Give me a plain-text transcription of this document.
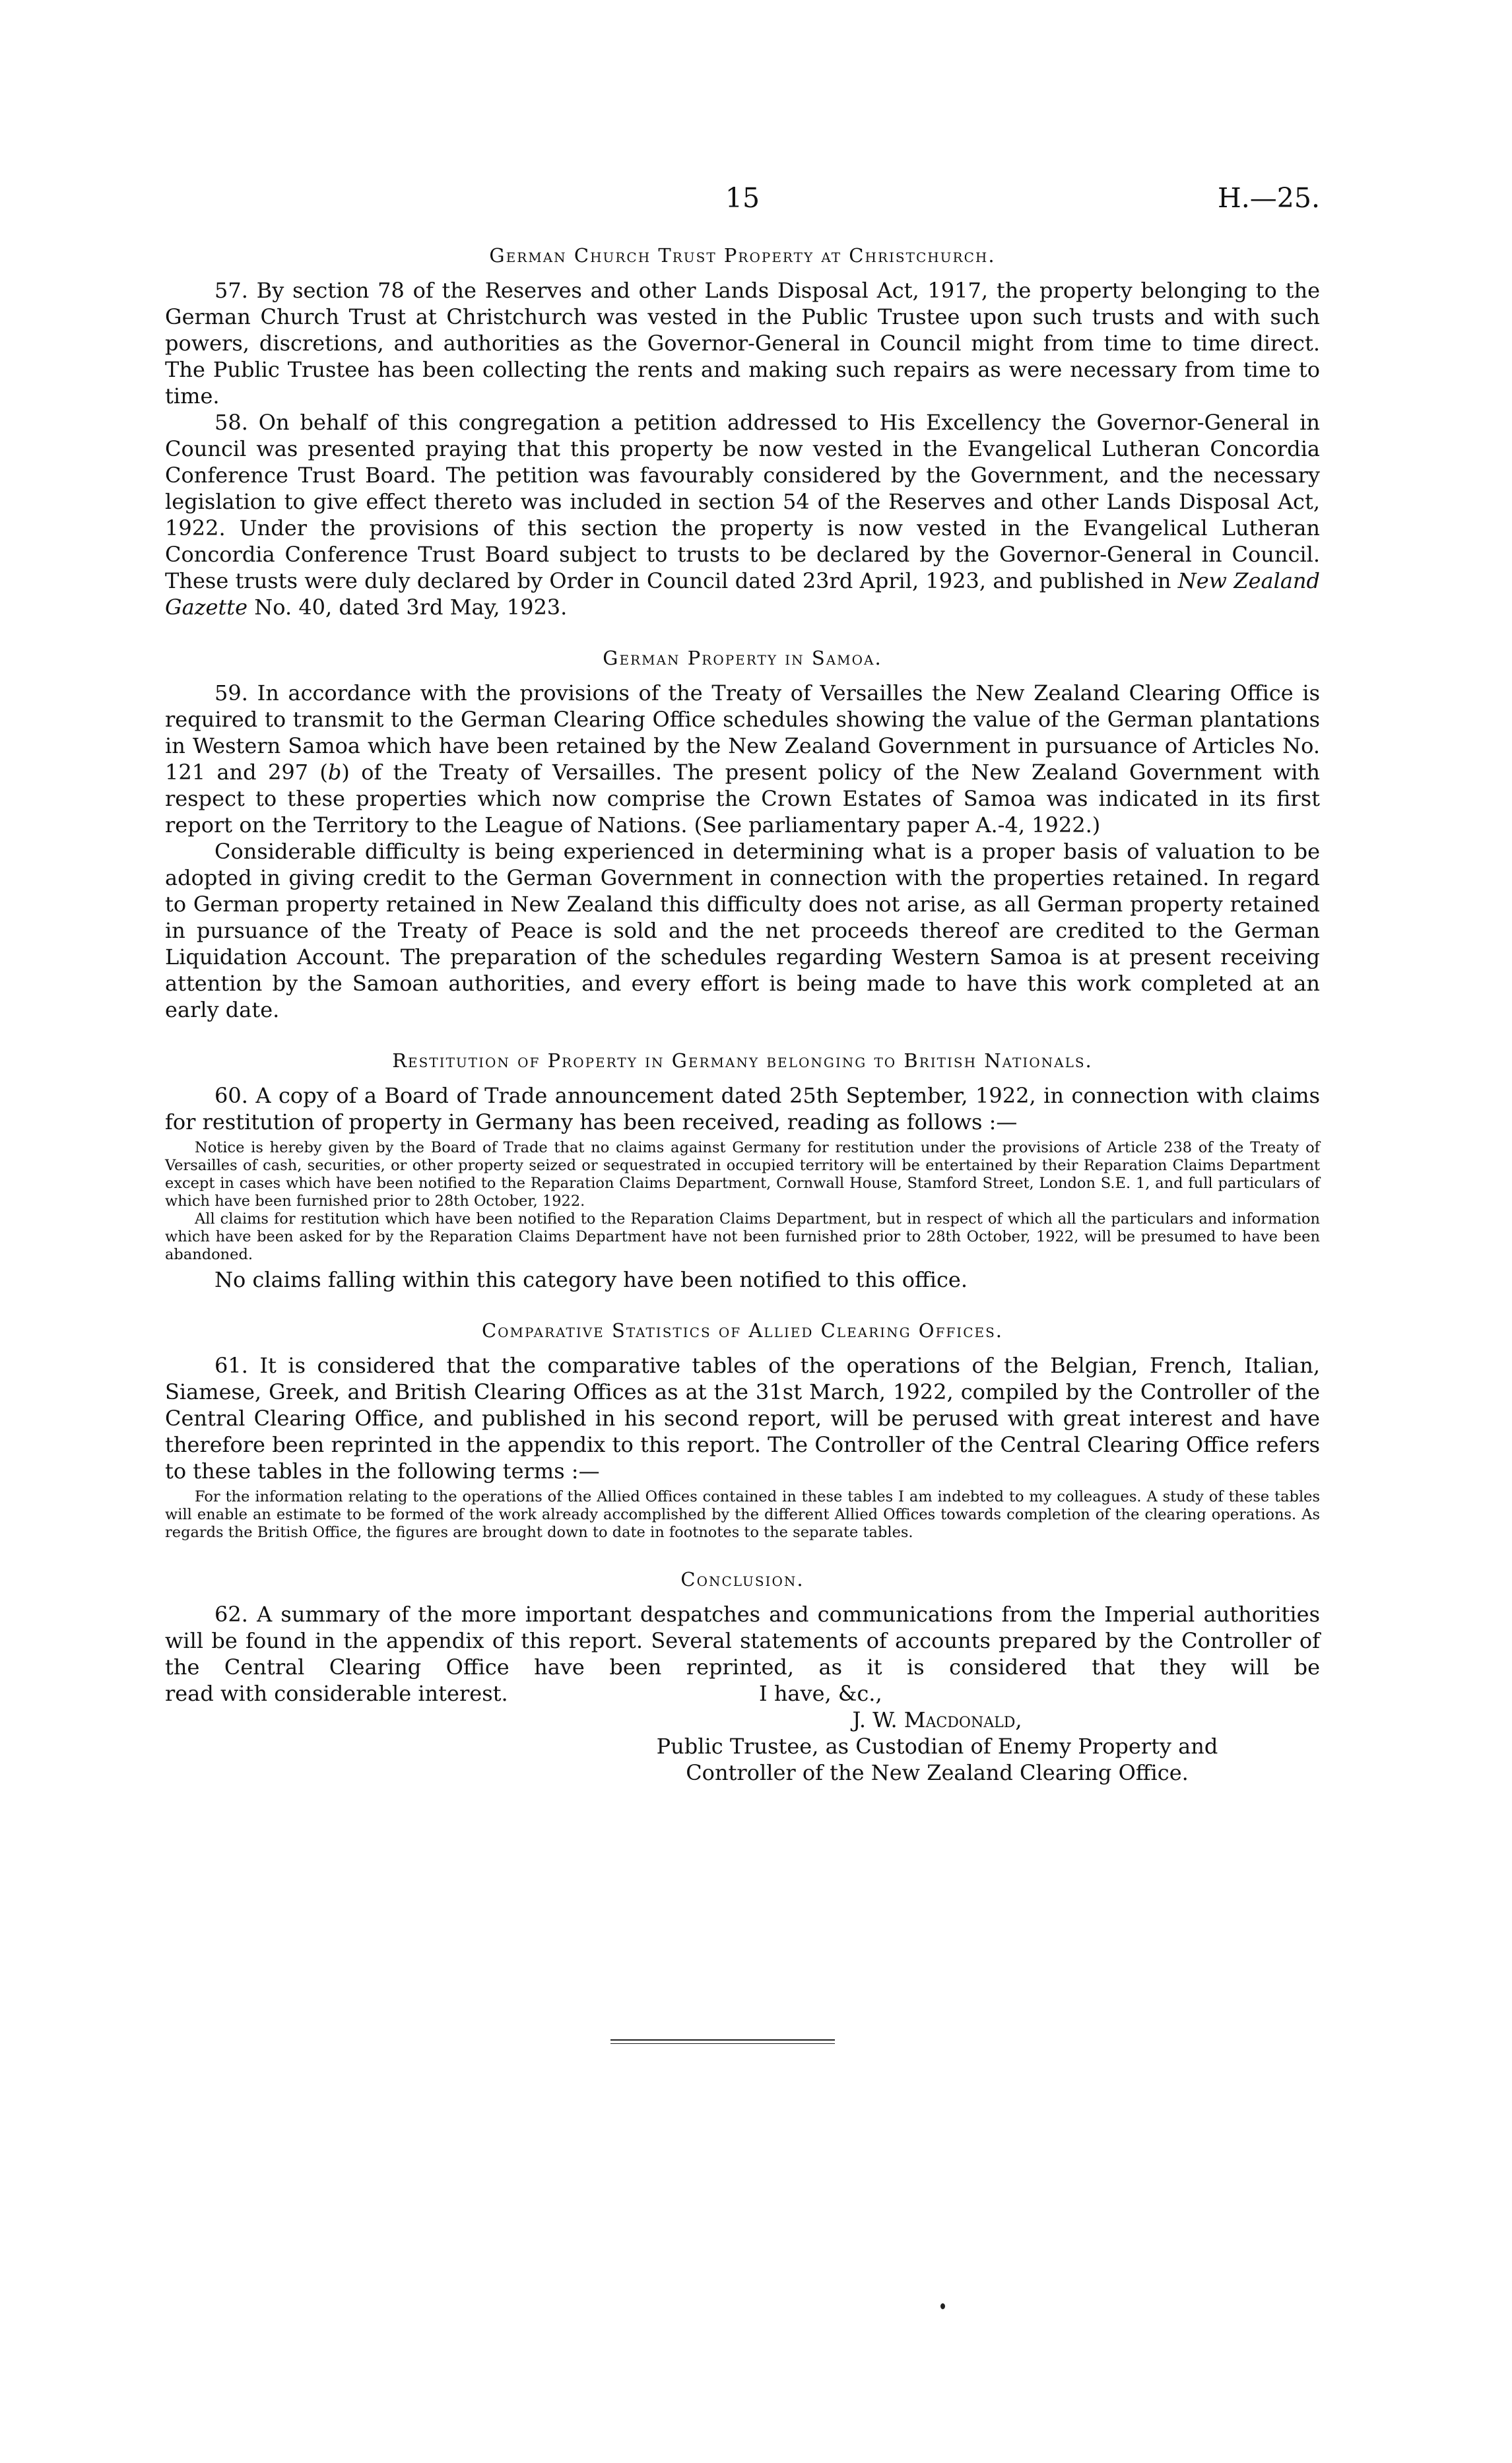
15	H.—25.
German Church Trust Property at Christchurch.

57. By section 78 of the Reserves and other Lands Disposal Act, 1917, the property belonging to the German Church Trust at Christchurch was vested in the Public Trustee upon such trusts and with such powers, discretions, and authorities as the Governor-General in Council might from time to time direct. The Public Trustee has been collecting the rents and making such repairs as were necessary from time to time.

58. On behalf of this congregation a petition addressed to His Excellency the Governor-General in Council was presented praying that this property be now vested in the Evangelical Lutheran Concordia Conference Trust Board. The petition was favourably considered by the Government, and the necessary legislation to give effect thereto was included in section 54 of the Reserves and other Lands Disposal Act, 1922. Under the provisions of this section the property is now vested in the Evangelical Lutheran Concordia Conference Trust Board subject to trusts to be declared by the Governor-General in Council. These trusts were duly declared by Order in Council dated 23rd April, 1923, and published in New Zealand Gazette No. 40, dated 3rd May, 1923.

German Property in Samoa.

59. In accordance with the provisions of the Treaty of Versailles the New Zealand Clearing Office is required to transmit to the German Clearing Office schedules showing the value of the German plantations in Western Samoa which have been retained by the New Zealand Government in pursuance of Articles No. 121 and 297 (b) of the Treaty of Versailles. The present policy of the New Zealand Government with respect to these properties which now comprise the Crown Estates of Samoa was indicated in its first report on the Territory to the League of Nations. (See parliamentary paper A.-4, 1922.)

Considerable difficulty is being experienced in determining what is a proper basis of valuation to be adopted in giving credit to the German Government in connection with the properties retained. In regard to German property retained in New Zealand this difficulty does not arise, as all German property retained in pursuance of the Treaty of Peace is sold and the net proceeds thereof are credited to the German Liquidation Account. The preparation of the schedules regarding Western Samoa is at present receiving attention by the Samoan authorities, and every effort is being made to have this work completed at an early date.

Restitution of Property in Germany belonging to British Nationals.

60. A copy of a Board of Trade announcement dated 25th September, 1922, in connection with claims for restitution of property in Germany has been received, reading as follows :—

Notice is hereby given by the Board of Trade that no claims against Germany for restitution under the provisions of Article 238 of the Treaty of Versailles of cash, securities, or other property seized or sequestrated in occupied territory will be entertained by their Reparation Claims Department except in cases which have been notified to the Reparation Claims Department, Cornwall House, Stamford Street, London S.E. 1, and full particulars of which have been furnished prior to 28th October, 1922.

All claims for restitution which have been notified to the Reparation Claims Department, but in respect of which all the particulars and information which have been asked for by the Reparation Claims Department have not been furnished prior to 28th October, 1922, will be presumed to have been abandoned.

No claims falling within this category have been notified to this office.

Comparative Statistics of Allied Clearing Offices.

61. It is considered that the comparative tables of the operations of the Belgian, French, Italian, Siamese, Greek, and British Clearing Offices as at the 31st March, 1922, compiled by the Controller of the Central Clearing Office, and published in his second report, will be perused with great interest and have therefore been reprinted in the appendix to this report. The Controller of the Central Clearing Office refers to these tables in the following terms :—

For the information relating to the operations of the Allied Offices contained in these tables I am indebted to my colleagues. A study of these tables will enable an estimate to be formed of the work already accomplished by the different Allied Offices towards completion of the clearing operations. As regards the British Office, the figures are brought down to date in footnotes to the separate tables.

Conclusion.

62. A summary of the more important despatches and communications from the Imperial authorities will be found in the appendix of this report. Several statements of accounts prepared by the Controller of the Central Clearing Office have been reprinted, as it is considered that they will be

read with considerable interest.	I have, &c.,
J. W. Macdonald,
Public Trustee, as Custodian of Enemy Property and
Controller of the New Zealand Clearing Office.
